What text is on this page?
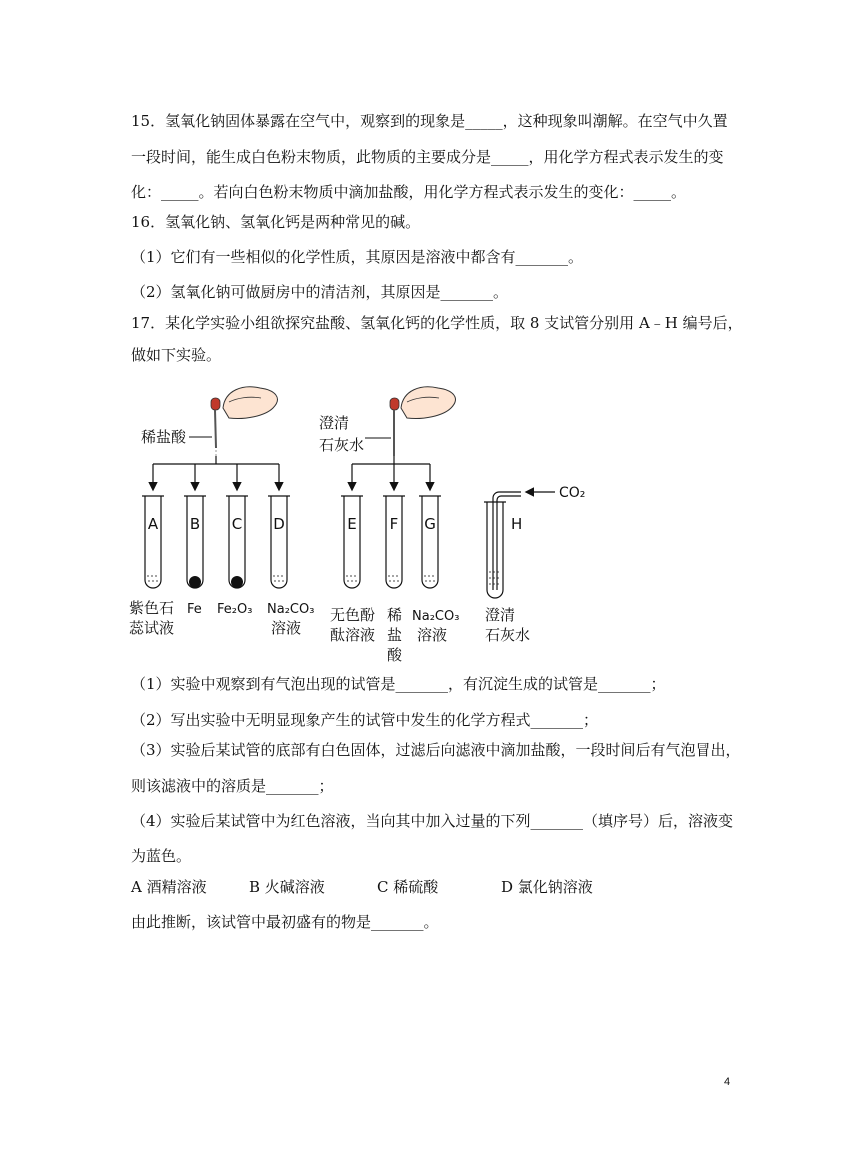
15．氢氧化钠固体暴露在空气中，观察到的现象是_____，这种现象叫潮解。在空气中久置
一段时间，能生成白色粉末物质，此物质的主要成分是_____，用化学方程式表示发生的变
化：_____。若向白色粉末物质中滴加盐酸，用化学方程式表示发生的变化：_____。
16．氢氧化钠、氢氧化钙是两种常见的碱。
（1）它们有一些相似的化学性质，其原因是溶液中都含有_______。
（2）氢氧化钠可做厨房中的清洁剂，其原因是_______。
17．某化学实验小组欲探究盐酸、氢氧化钙的化学性质，取 8 支试管分别用 A﹣H 编号后，
做如下实验。
稀盐酸
澄清
石灰水
A B C D	E F G	H
CO₂
紫色石
蕊试液
Fe Fe₂O₃ Na₂CO₃
溶液
无色酚
酞溶液
稀
盐
酸
Na₂CO₃
溶液
澄清
石灰水
（1）实验中观察到有气泡出现的试管是_______，有沉淀生成的试管是_______；
（2）写出实验中无明显现象产生的试管中发生的化学方程式_______；
（3）实验后某试管的底部有白色固体，过滤后向滤液中滴加盐酸，一段时间后有气泡冒出，
则该滤液中的溶质是_______；
（4）实验后某试管中为红色溶液，当向其中加入过量的下列_______（填序号）后，溶液变
为蓝色。
A 酒精溶液	B 火碱溶液	C 稀硫酸	D 氯化钠溶液
由此推断，该试管中最初盛有的物是_______。
4
